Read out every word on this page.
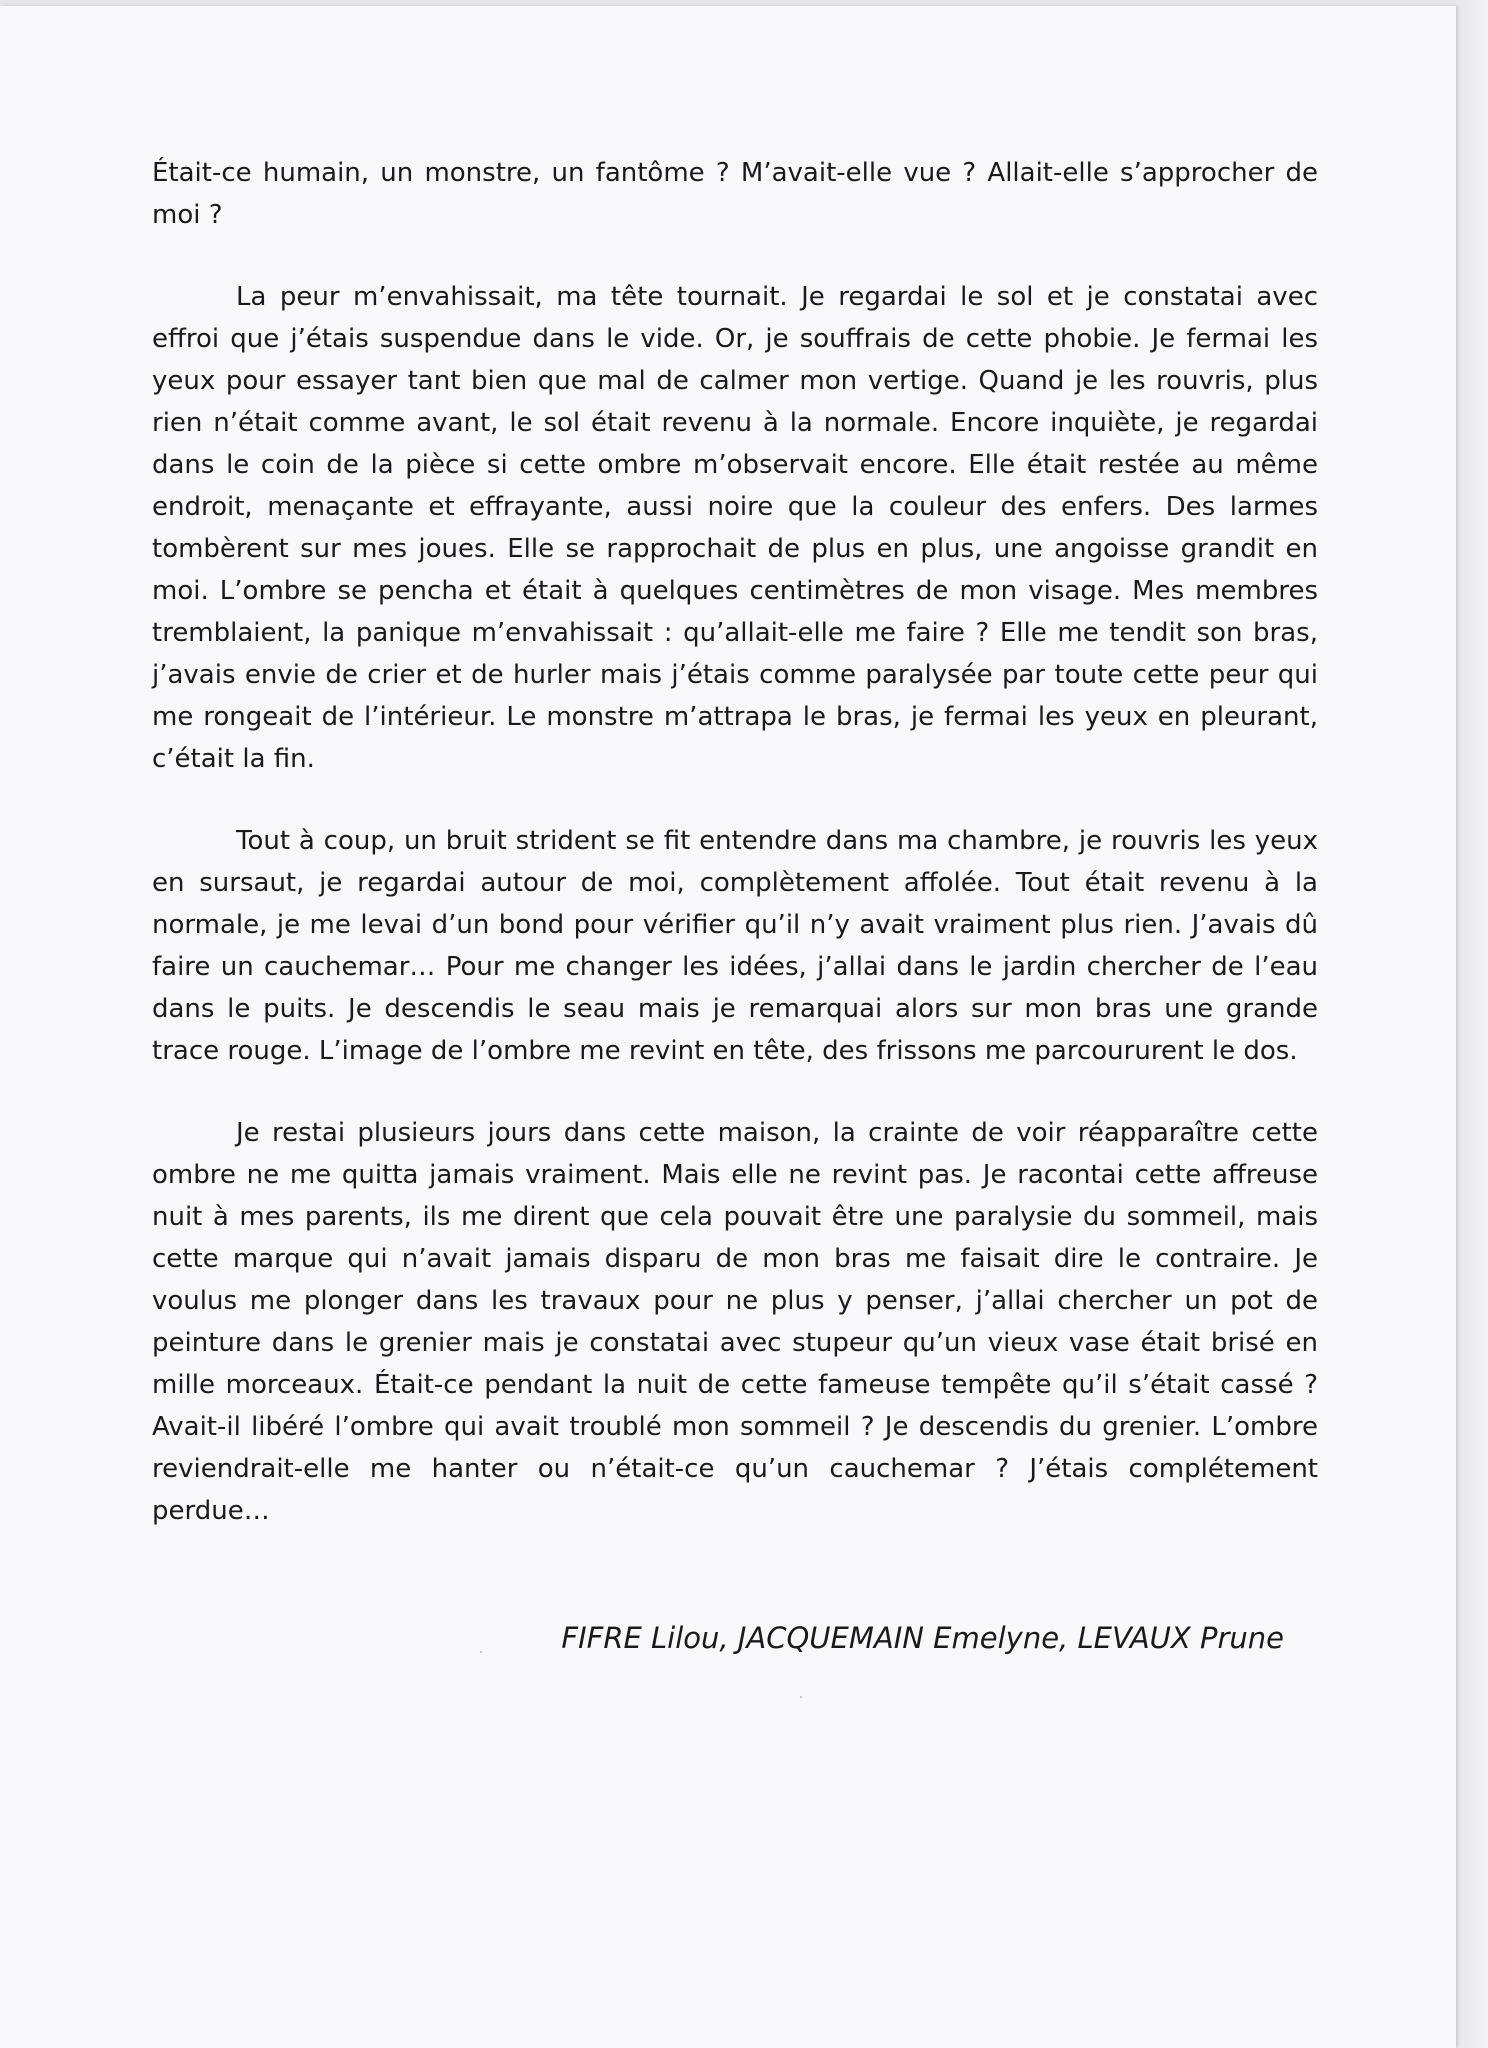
Était-ce humain, un monstre, un fantôme ? M’avait-elle vue ? Allait-elle s’approcher de moi ?

La peur m’envahissait, ma tête tournait. Je regardai le sol et je constatai avec effroi que j’étais suspendue dans le vide. Or, je souffrais de cette phobie. Je fermai les yeux pour essayer tant bien que mal de calmer mon vertige. Quand je les rouvris, plus rien n’était comme avant, le sol était revenu à la normale. Encore inquiète, je regardai dans le coin de la pièce si cette ombre m’observait encore. Elle était restée au même endroit, menaçante et effrayante, aussi noire que la couleur des enfers. Des larmes tombèrent sur mes joues. Elle se rapprochait de plus en plus, une angoisse grandit en moi. L’ombre se pencha et était à quelques centimètres de mon visage. Mes membres tremblaient, la panique m’envahissait : qu’allait-elle me faire ? Elle me tendit son bras, j’avais envie de crier et de hurler mais j’étais comme paralysée par toute cette peur qui me rongeait de l’intérieur. Le monstre m’attrapa le bras, je fermai les yeux en pleurant, c’était la fin.

Tout à coup, un bruit strident se fit entendre dans ma chambre, je rouvris les yeux en sursaut, je regardai autour de moi, complètement affolée. Tout était revenu à la normale, je me levai d’un bond pour vérifier qu’il n’y avait vraiment plus rien. J’avais dû faire un cauchemar… Pour me changer les idées, j’allai dans le jardin chercher de l’eau dans le puits. Je descendis le seau mais je remarquai alors sur mon bras une grande trace rouge. L’image de l’ombre me revint en tête, des frissons me parcoururent le dos.

Je restai plusieurs jours dans cette maison, la crainte de voir réapparaître cette ombre ne me quitta jamais vraiment. Mais elle ne revint pas. Je racontai cette affreuse nuit à mes parents, ils me dirent que cela pouvait être une paralysie du sommeil, mais cette marque qui n’avait jamais disparu de mon bras me faisait dire le contraire. Je voulus me plonger dans les travaux pour ne plus y penser, j’allai chercher un pot de peinture dans le grenier mais je constatai avec stupeur qu’un vieux vase était brisé en mille morceaux. Était-ce pendant la nuit de cette fameuse tempête qu’il s’était cassé ? Avait-il libéré l’ombre qui avait troublé mon sommeil ? Je descendis du grenier. L’ombre reviendrait-elle me hanter ou n’était-ce qu’un cauchemar ? J’étais complétement perdue…

FIFRE Lilou, JACQUEMAIN Emelyne, LEVAUX Prune
